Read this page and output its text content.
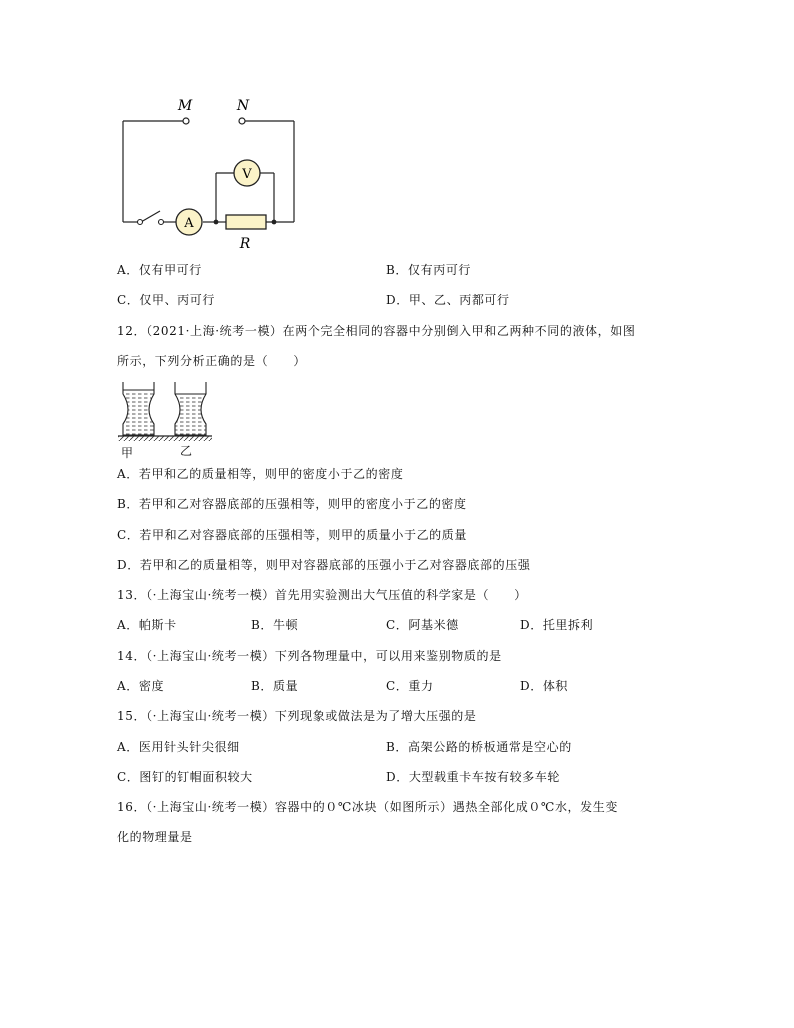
M	N
V
A
R
A．仅有甲可行	B．仅有丙可行
C．仅甲、丙可行	D．甲、乙、丙都可行
12．（2021·上海·统考一模）在两个完全相同的容器中分别倒入甲和乙两种不同的液体，如图
所示，下列分析正确的是（　　）
甲	乙
A．若甲和乙的质量相等，则甲的密度小于乙的密度
B．若甲和乙对容器底部的压强相等，则甲的密度小于乙的密度
C．若甲和乙对容器底部的压强相等，则甲的质量小于乙的质量
D．若甲和乙的质量相等，则甲对容器底部的压强小于乙对容器底部的压强
13．（·上海宝山·统考一模）首先用实验测出大气压值的科学家是（　　）
A．帕斯卡	B．牛顿	C．阿基米德	D．托里拆利
14．（·上海宝山·统考一模）下列各物理量中，可以用来鉴别物质的是
A．密度	B．质量	C．重力	D．体积
15．（·上海宝山·统考一模）下列现象或做法是为了增大压强的是
A．医用针头针尖很细	B．高架公路的桥板通常是空心的
C．图钉的钉帽面积较大	D．大型载重卡车按有较多车轮
16．（·上海宝山·统考一模）容器中的０℃冰块（如图所示）遇热全部化成０℃水，发生变
化的物理量是
